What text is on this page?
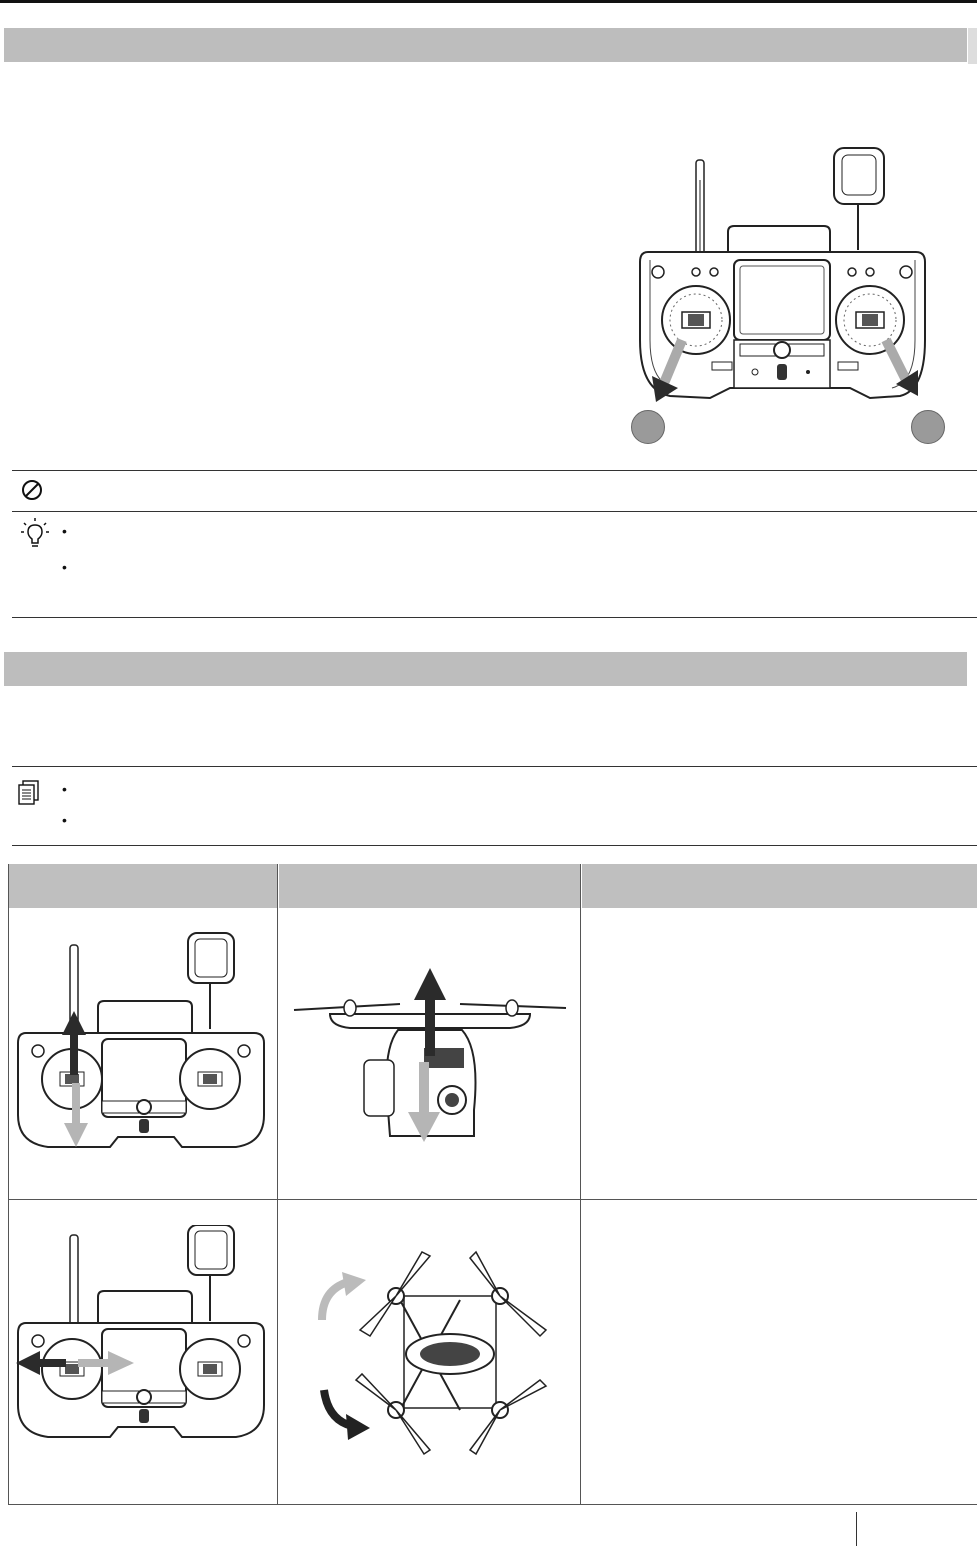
•
•
•
•
